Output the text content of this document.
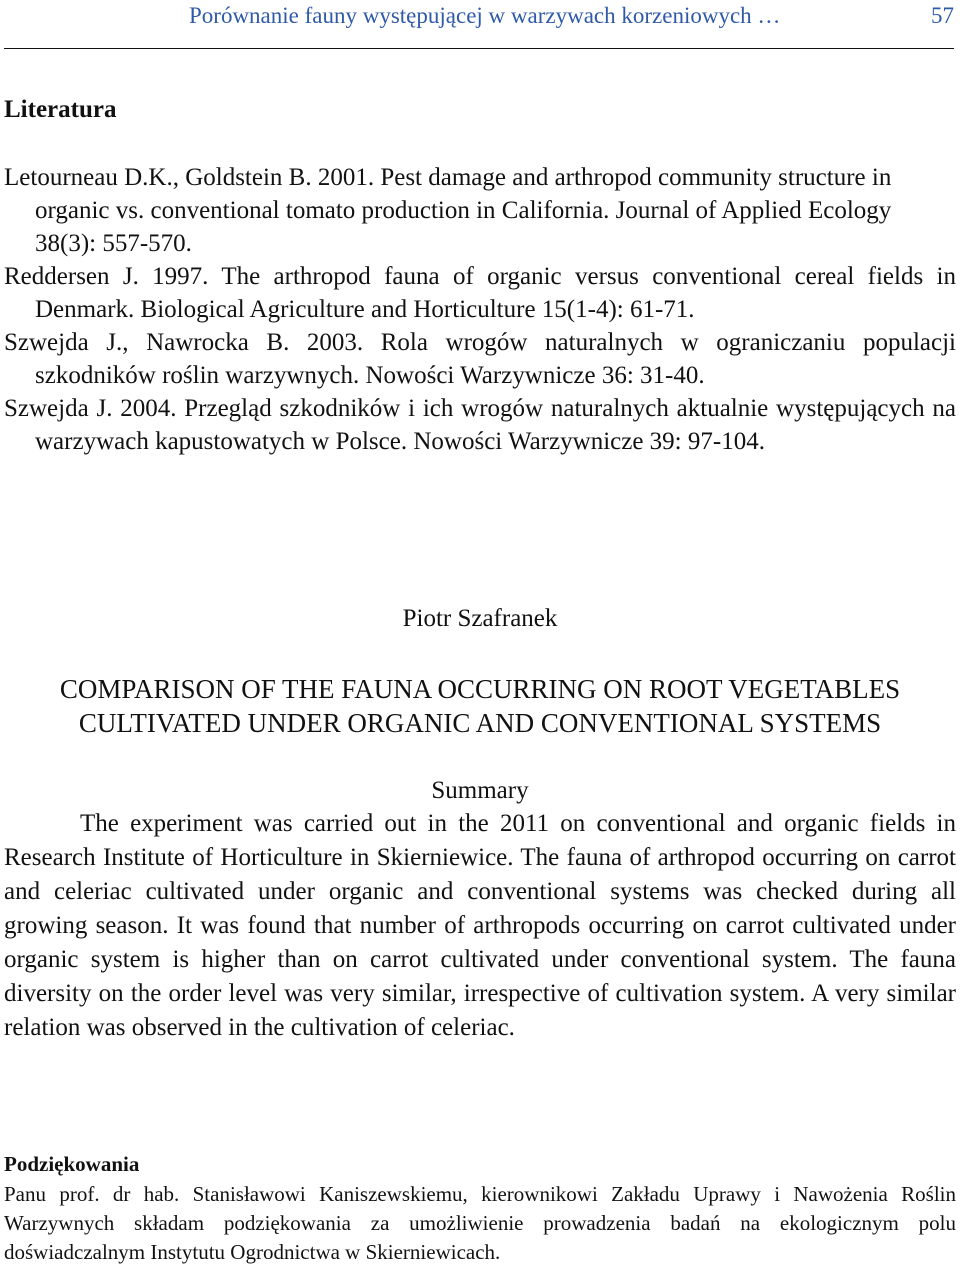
Porównanie fauny występującej w warzywach korzeniowych …	57
Literatura

Letourneau D.K., Goldstein B. 2001. Pest damage and arthropod community structure in organic vs. conventional tomato production in California. Journal of Applied Ecology 38(3): 557-570.

Reddersen J. 1997. The arthropod fauna of organic versus conventional cereal fields in Denmark. Biological Agriculture and Horticulture 15(1-4): 61-71.

Szwejda J., Nawrocka B. 2003. Rola wrogów naturalnych w ograniczaniu populacji szkodników roślin warzywnych. Nowości Warzywnicze 36: 31-40.

Szwejda J. 2004. Przegląd szkodników i ich wrogów naturalnych aktualnie występujących na warzywach kapustowatych w Polsce. Nowości Warzywnicze 39: 97-104.

Piotr Szafranek

COMPARISON OF THE FAUNA OCCURRING ON ROOT VEGETABLES
CULTIVATED UNDER ORGANIC AND CONVENTIONAL SYSTEMS

Summary

The experiment was carried out in the 2011 on conventional and organic fields in Research Institute of Horticulture in Skierniewice. The fauna of arthropod occurring on carrot and celeriac cultivated under organic and conventional systems was checked during all growing season. It was found that number of arthropods occurring on carrot cultivated under organic system is higher than on carrot cultivated under conventional system. The fauna diversity on the order level was very similar, irrespective of cultivation system. A very similar relation was observed in the cultivation of celeriac.

Podziękowania

Panu prof. dr hab. Stanisławowi Kaniszewskiemu, kierownikowi Zakładu Uprawy i Nawożenia Roślin Warzywnych składam podziękowania za umożliwienie prowadzenia badań na ekologicznym polu doświadczalnym Instytutu Ogrodnictwa w Skierniewicach.
